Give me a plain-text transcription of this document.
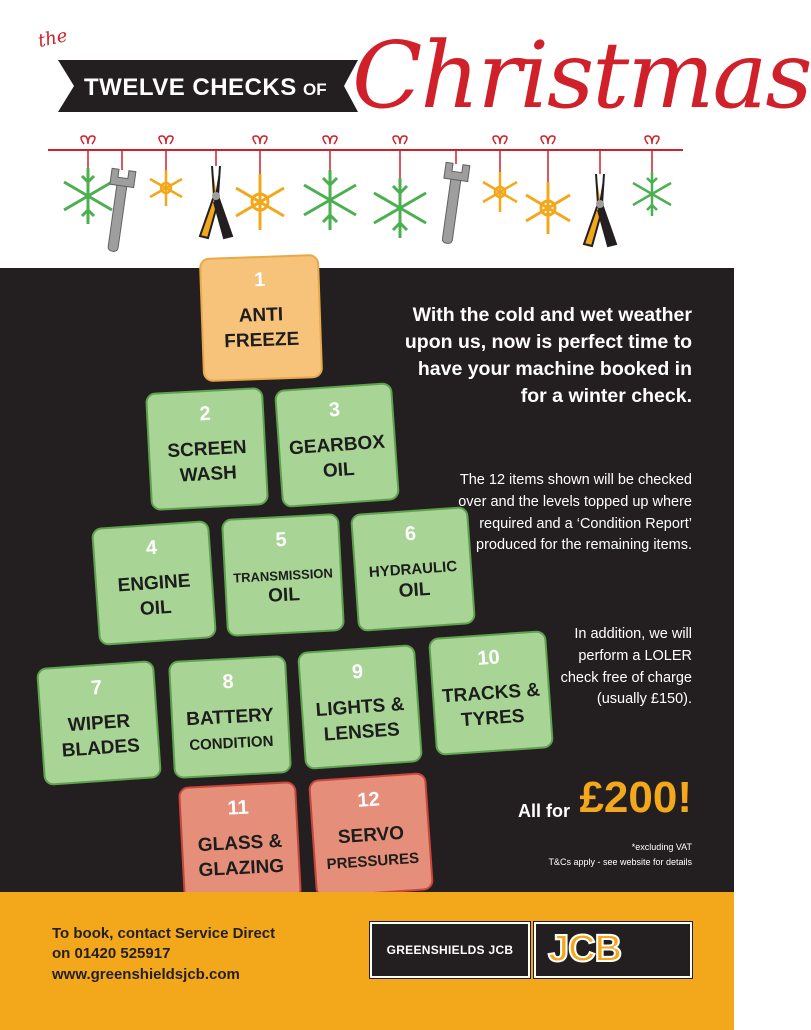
the
TWELVE CHECKS OF Christmas
1
ANTI
FREEZE
2
SCREEN
WASH
3
GEARBOX
OIL
4
ENGINE
OIL
5
TRANSMISSION

OIL
6
HYDRAULIC

OIL
7
WIPER
BLADES
8
BATTERY
CONDITION
9
LIGHTS &
LENSES
10
TRACKS &
TYRES
11
GLASS &
GLAZING
12
SERVO
PRESSURES
With the cold and wet weather upon us, now is perfect time to have your machine booked in for a winter check.
The 12 items shown will be checked over and the levels topped up where required and a ‘Condition Report’ produced for the remaining items.
In addition, we will perform a LOLER check free of charge (usually £150).
All for £200!
*excluding VAT
T&Cs apply - see website for details
To book, contact Service Direct
on 01420 525917
www.greenshieldsjcb.com
GREENSHIELDS JCB JCB
